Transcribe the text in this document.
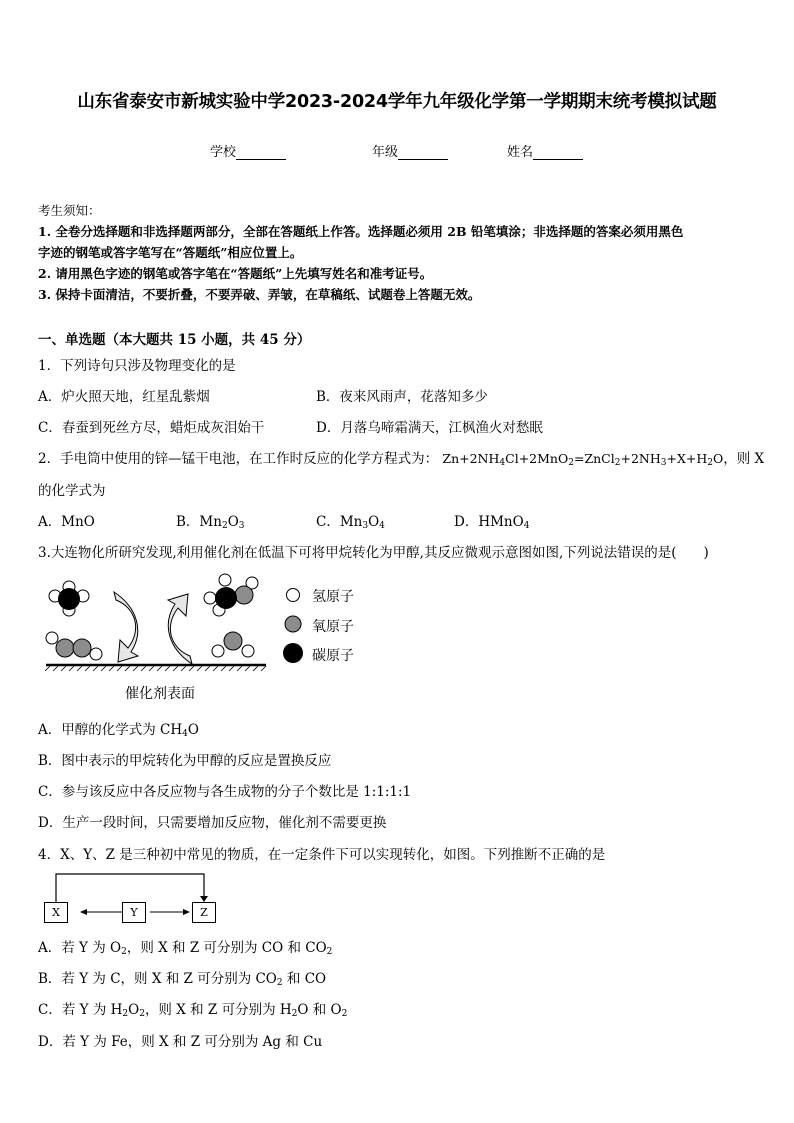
山东省泰安市新城实验中学2023-2024学年九年级化学第一学期期末统考模拟试题
学校	年级	姓名
考生须知：
1. 全卷分选择题和非选择题两部分，全部在答题纸上作答。选择题必须用 2B 铅笔填涂；非选择题的答案必须用黑色
字迹的钢笔或答字笔写在“答题纸”相应位置上。
2. 请用黑色字迹的钢笔或答字笔在“答题纸”上先填写姓名和准考证号。
3. 保持卡面清洁，不要折叠，不要弄破、弄皱，在草稿纸、试题卷上答题无效。
一、单选题（本大题共 15 小题，共 45 分）
1．下列诗句只涉及物理变化的是
A．炉火照天地，红星乱紫烟	B．夜来风雨声，花落知多少
C．春蚕到死丝方尽，蜡炬成灰泪始干	D．月落乌啼霜满天，江枫渔火对愁眠
2．手电筒中使用的锌—锰干电池，在工作时反应的化学方程式为： $Zn+2NH_4Cl+2MnO_2=ZnCl_2+2NH_3+X+H_2O$，则 X
的化学式为
A．MnO	B．$Mn_2O_3$	C．$Mn_3O_4$	D．HMnO$_4$
3.大连物化所研究发现,利用催化剂在低温下可将甲烷转化为甲醇,其反应微观示意图如图,下列说法错误的是(　　)
氢原子
氧原子
碳原子
催化剂表面
A．甲醇的化学式为 $CH_4O$
B．图中表示的甲烷转化为甲醇的反应是置换反应
C．参与该反应中各反应物与各生成物的分子个数比是 1:1:1:1
D．生产一段时间，只需要增加反应物，催化剂不需要更换
4．X、Y、Z 是三种初中常见的物质，在一定条件下可以实现转化，如图。下列推断不正确的是
X	Y	Z
A．若 Y 为 $O_2$，则 X 和 Z 可分别为 CO 和 $CO_2$
B．若 Y 为 C，则 X 和 Z 可分别为 $CO_2$ 和 CO
C．若 Y 为 $H_2O_2$，则 X 和 Z 可分别为 $H_2O$ 和 $O_2$
D．若 Y 为 Fe，则 X 和 Z 可分别为 Ag 和 Cu
